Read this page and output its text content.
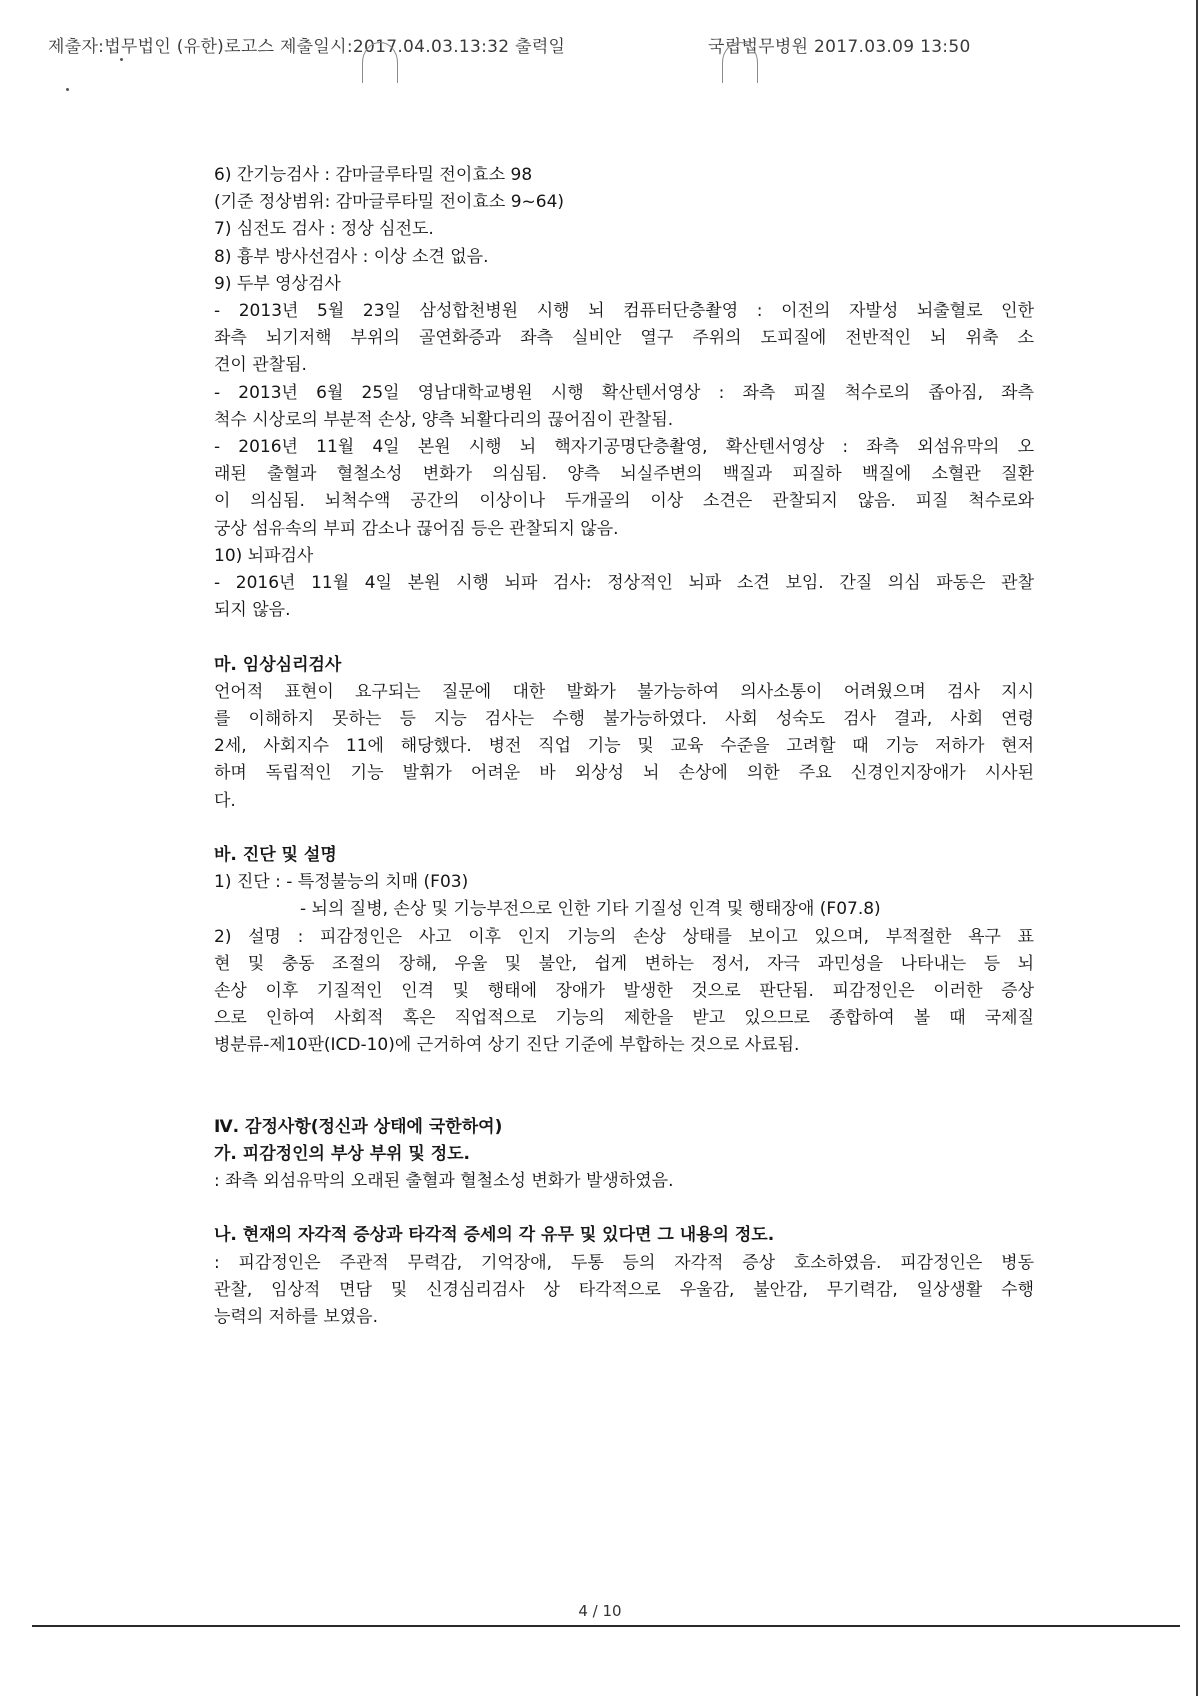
제출자:법무법인 (유한)로고스 제출일시:2017.04.03.13:32 출력일	국립법무병원 2017.03.09 13:50
6) 간기능검사 : 감마글루타밀 전이효소 98
(기준 정상범위: 감마글루타밀 전이효소 9~64)
7) 심전도 검사 : 정상 심전도.
8) 흉부 방사선검사 : 이상 소견 없음.
9) 두부 영상검사
- 2013년 5월 23일 삼성합천병원 시행 뇌 컴퓨터단층촬영 : 이전의 자발성 뇌출혈로 인한
좌측 뇌기저핵 부위의 골연화증과 좌측 실비안 열구 주위의 도피질에 전반적인 뇌 위축 소
견이 관찰됨.
- 2013년 6월 25일 영남대학교병원 시행 확산텐서영상 : 좌측 피질 척수로의 좁아짐, 좌측
척수 시상로의 부분적 손상, 양측 뇌활다리의 끊어짐이 관찰됨.
- 2016년 11월 4일 본원 시행 뇌 핵자기공명단층촬영, 확산텐서영상 : 좌측 외섬유막의 오
래된 출혈과 혈철소성 변화가 의심됨. 양측 뇌실주변의 백질과 피질하 백질에 소혈관 질환
이 의심됨. 뇌척수액 공간의 이상이나 두개골의 이상 소견은 관찰되지 않음. 피질 척수로와
궁상 섬유속의 부피 감소나 끊어짐 등은 관찰되지 않음.
10) 뇌파검사
- 2016년 11월 4일 본원 시행 뇌파 검사: 정상적인 뇌파 소견 보임. 간질 의심 파동은 관찰
되지 않음.
마. 임상심리검사
언어적 표현이 요구되는 질문에 대한 발화가 불가능하여 의사소통이 어려웠으며 검사 지시
를 이해하지 못하는 등 지능 검사는 수행 불가능하였다. 사회 성숙도 검사 결과, 사회 연령
2세, 사회지수 11에 해당했다. 병전 직업 기능 및 교육 수준을 고려할 때 기능 저하가 현저
하며 독립적인 기능 발휘가 어려운 바 외상성 뇌 손상에 의한 주요 신경인지장애가 시사된
다.
바. 진단 및 설명
1) 진단 : - 특정불능의 치매 (F03)
- 뇌의 질병, 손상 및 기능부전으로 인한 기타 기질성 인격 및 행태장애 (F07.8)
2) 설명 : 피감정인은 사고 이후 인지 기능의 손상 상태를 보이고 있으며, 부적절한 욕구 표
현 및 충동 조절의 장해, 우울 및 불안, 쉽게 변하는 정서, 자극 과민성을 나타내는 등 뇌
손상 이후 기질적인 인격 및 행태에 장애가 발생한 것으로 판단됨. 피감정인은 이러한 증상
으로 인하여 사회적 혹은 직업적으로 기능의 제한을 받고 있으므로 종합하여 볼 때 국제질
병분류-제10판(ICD-10)에 근거하여 상기 진단 기준에 부합하는 것으로 사료됨.
Ⅳ. 감정사항(정신과 상태에 국한하여)
가. 피감정인의 부상 부위 및 정도.
: 좌측 외섬유막의 오래된 출혈과 혈철소성 변화가 발생하였음.
나. 현재의 자각적 증상과 타각적 증세의 각 유무 및 있다면 그 내용의 정도.
: 피감정인은 주관적 무력감, 기억장애, 두통 등의 자각적 증상 호소하였음. 피감정인은 병동
관찰, 임상적 면담 및 신경심리검사 상 타각적으로 우울감, 불안감, 무기력감, 일상생활 수행
능력의 저하를 보였음.
4 / 10
